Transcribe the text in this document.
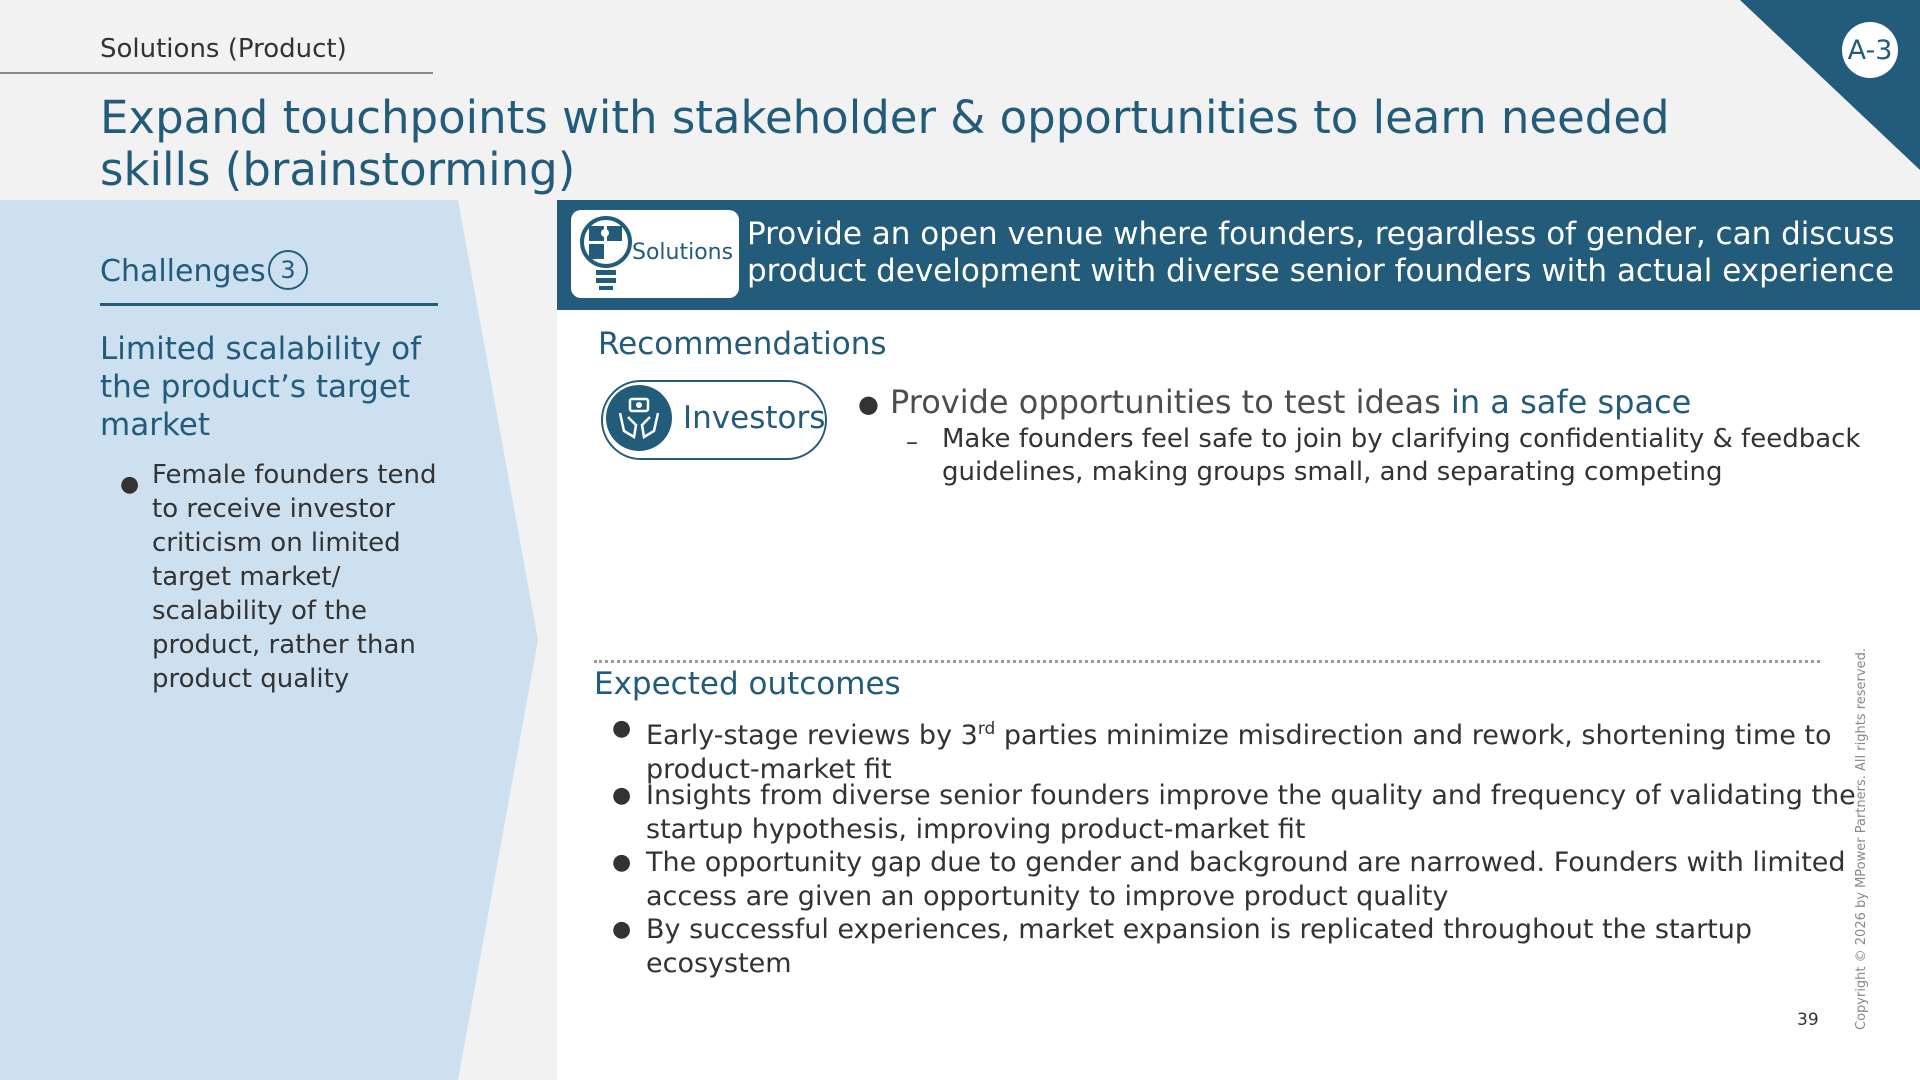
Solutions (Product)
Expand touchpoints with stakeholder & opportunities to learn needed skills (brainstorming)
A-3
Challenges 3
Limited scalability of the product’s target market
● Female founders tend to receive investor criticism on limited target market/ scalability of the product, rather than product quality
Solutions
Provide an open venue where founders, regardless of gender, can discuss product development with diverse senior founders with actual experience
Recommendations
Investors ● Provide opportunities to test ideas in a safe space
– Make founders feel safe to join by clarifying confidentiality & feedback guidelines, making groups small, and separating competing
Expected outcomes
● Early-stage reviews by 3rd parties minimize misdirection and rework, shortening time to product-market fit
● Insights from diverse senior founders improve the quality and frequency of validating the startup hypothesis, improving product-market fit
● The opportunity gap due to gender and background are narrowed. Founders with limited access are given an opportunity to improve product quality
● By successful experiences, market expansion is replicated throughout the startup ecosystem
39	Copyright © 2026 by MPower Partners. All rights reserved.
